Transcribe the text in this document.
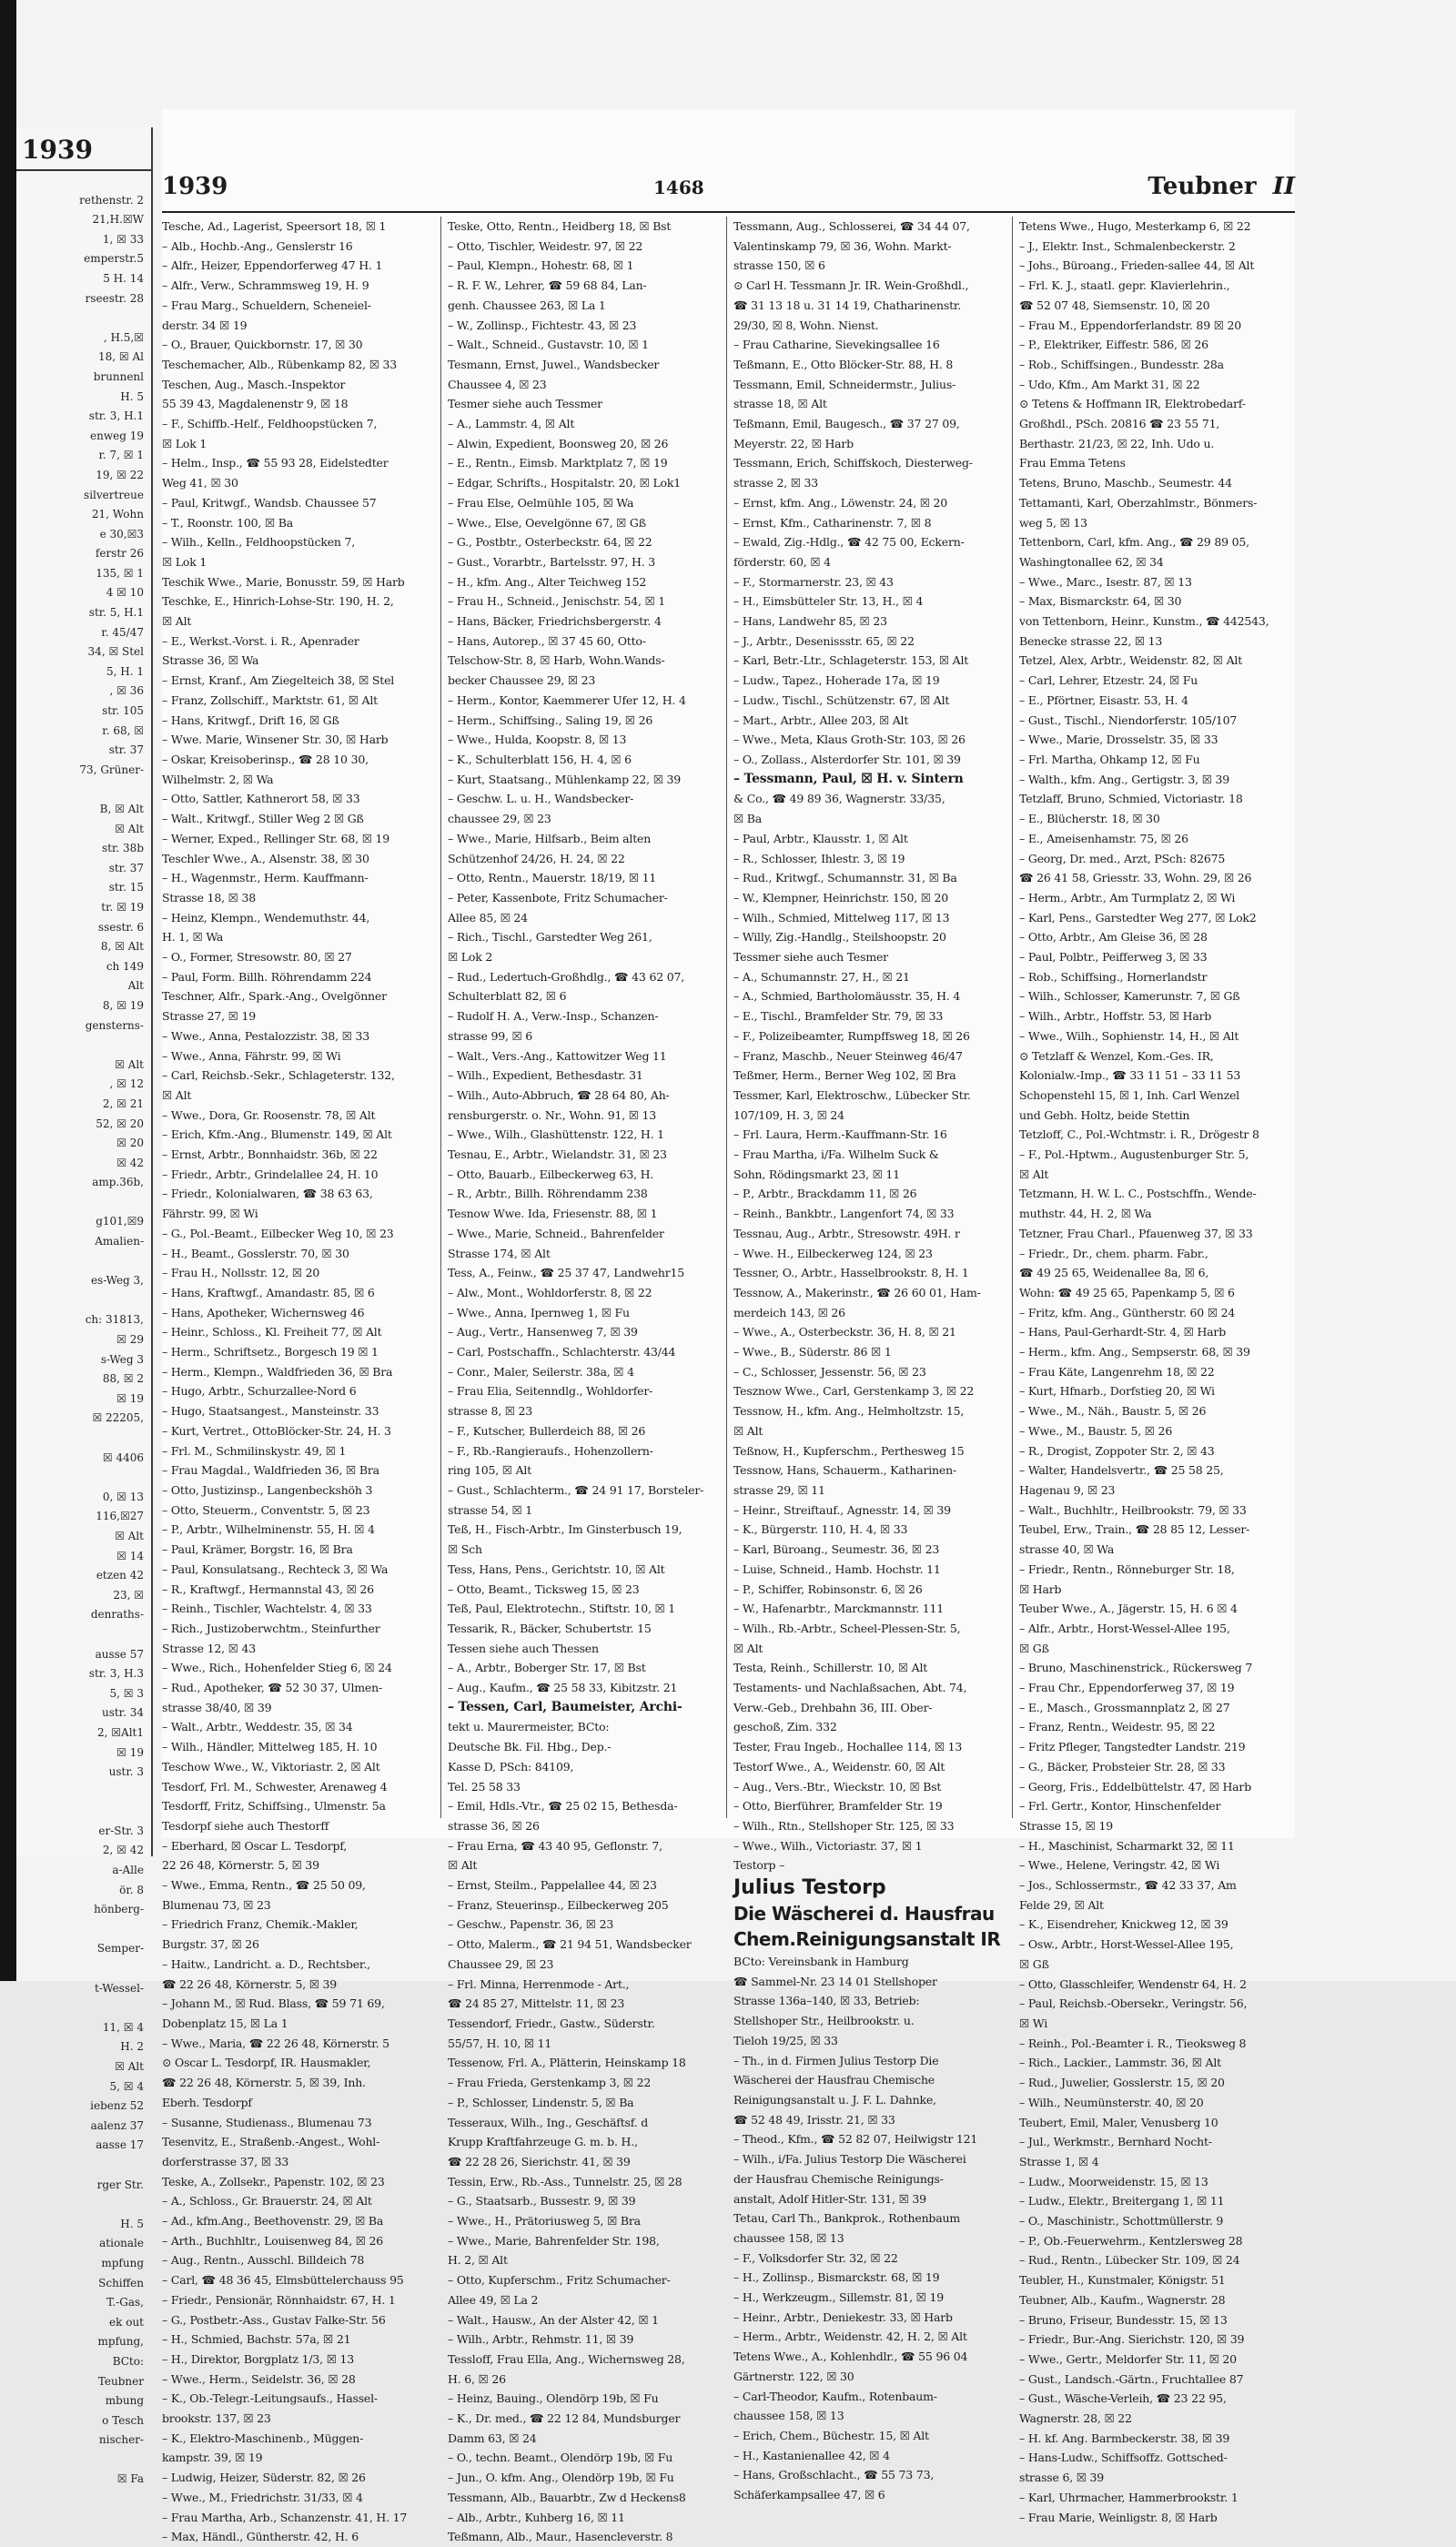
1939
rethenstr. 2
21,H.☒W
1, ☒ 33
emperstr.5
5 H. 14
rseestr. 28
, H.5,☒
18, ☒ Al
brunnenl
H. 5
str. 3, H.1
enweg 19
r. 7, ☒ 1
19, ☒ 22
silvertreue
21, Wohn
e 30,☒3
ferstr 26
135, ☒ 1
4 ☒ 10
str. 5, H.1
r. 45/47
34, ☒ Stel
5, H. 1
, ☒ 36
str. 105
r. 68, ☒
str. 37
73, Grüner-
B, ☒ Alt
☒ Alt
str. 38b
str. 37
str. 15
tr. ☒ 19
ssestr. 6
8, ☒ Alt
ch 149
Alt
8, ☒ 19
gensterns-
☒ Alt
, ☒ 12
2, ☒ 21
52, ☒ 20
☒ 20
☒ 42
amp.36b,
g101,☒9
Amalien-
es-Weg 3,
ch: 31813,
☒ 29
s-Weg 3
88, ☒ 2
☒ 19
☒ 22205,
☒ 4406
0, ☒ 13
116,☒27
☒ Alt
☒ 14
etzen 42
23, ☒
denraths-
ausse 57
str. 3, H.3
5, ☒ 3
ustr. 34
2, ☒Alt1
☒ 19
ustr. 3
er-Str. 3
2, ☒ 42
a-Alle
ör. 8
hönberg-
Semper-
t-Wessel-
11, ☒ 4
H. 2
☒ Alt
5, ☒ 4
iebenz 52
aalenz 37
aasse 17
rger Str.
H. 5
ationale
mpfung
Schiffen
T.-Gas,
ek out
mpfung,
BCto:
Teubner
mbung
o Tesch
nischer-
☒ Fa
1939	1468	Teubner II
Tesche, Ad., Lagerist, Speersort 18, ☒ 1
– Alb., Hochb.-Ang., Genslerstr 16
– Alfr., Heizer, Eppendorferweg 47 H. 1
– Alfr., Verw., Schrammsweg 19, H. 9
– Frau Marg., Schueldern, Scheneiel-
derstr. 34 ☒ 19
– O., Brauer, Quickbornstr. 17, ☒ 30
Teschemacher, Alb., Rübenkamp 82, ☒ 33
Teschen, Aug., Masch.-Inspektor
55 39 43, Magdalenenstr 9, ☒ 18
– F., Schiffb.-Helf., Feldhoopstücken 7,
☒ Lok 1
– Helm., Insp., ☎ 55 93 28, Eidelstedter
Weg 41, ☒ 30
– Paul, Kritwgf., Wandsb. Chaussee 57
– T., Roonstr. 100, ☒ Ba
– Wilh., Kelln., Feldhoopstücken 7,
☒ Lok 1
Teschik Wwe., Marie, Bonusstr. 59, ☒ Harb
Teschke, E., Hinrich-Lohse-Str. 190, H. 2,
☒ Alt
– E., Werkst.-Vorst. i. R., Apenrader
Strasse 36, ☒ Wa
– Ernst, Kranf., Am Ziegelteich 38, ☒ Stel
– Franz, Zollschiff., Marktstr. 61, ☒ Alt
– Hans, Kritwgf., Drift 16, ☒ Gß
– Wwe. Marie, Winsener Str. 30, ☒ Harb
– Oskar, Kreisoberinsp., ☎ 28 10 30,
Wilhelmstr. 2, ☒ Wa
– Otto, Sattler, Kathnerort 58, ☒ 33
– Walt., Kritwgf., Stiller Weg 2 ☒ Gß
– Werner, Exped., Rellinger Str. 68, ☒ 19
Teschler Wwe., A., Alsenstr. 38, ☒ 30
– H., Wagenmstr., Herm. Kauffmann-
Strasse 18, ☒ 38
– Heinz, Klempn., Wendemuthstr. 44,
H. 1, ☒ Wa
– O., Former, Stresowstr. 80, ☒ 27
– Paul, Form. Billh. Röhrendamm 224
Teschner, Alfr., Spark.-Ang., Ovelgönner
Strasse 27, ☒ 19
– Wwe., Anna, Pestalozzistr. 38, ☒ 33
– Wwe., Anna, Fährstr. 99, ☒ Wi
– Carl, Reichsb.-Sekr., Schlageterstr. 132,
☒ Alt
– Wwe., Dora, Gr. Roosenstr. 78, ☒ Alt
– Erich, Kfm.-Ang., Blumenstr. 149, ☒ Alt
– Ernst, Arbtr., Bonnhaidstr. 36b, ☒ 22
– Friedr., Arbtr., Grindelallee 24, H. 10
– Friedr., Kolonialwaren, ☎ 38 63 63,
Fährstr. 99, ☒ Wi
– G., Pol.-Beamt., Eilbecker Weg 10, ☒ 23
– H., Beamt., Gosslerstr. 70, ☒ 30
– Frau H., Nollsstr. 12, ☒ 20
– Hans, Kraftwgf., Amandastr. 85, ☒ 6
– Hans, Apotheker, Wichernsweg 46
– Heinr., Schloss., Kl. Freiheit 77, ☒ Alt
– Herm., Schriftsetz., Borgesch 19 ☒ 1
– Herm., Klempn., Waldfrieden 36, ☒ Bra
– Hugo, Arbtr., Schurzallee-Nord 6
– Hugo, Staatsangest., Mansteinstr. 33
– Kurt, Vertret., OttoBlöcker-Str. 24, H. 3
– Frl. M., Schmilinskystr. 49, ☒ 1
– Frau Magdal., Waldfrieden 36, ☒ Bra
– Otto, Justizinsp., Langenbeckshöh 3
– Otto, Steuerm., Conventstr. 5, ☒ 23
– P., Arbtr., Wilhelminenstr. 55, H. ☒ 4
– Paul, Krämer, Borgstr. 16, ☒ Bra
– Paul, Konsulatsang., Rechteck 3, ☒ Wa
– R., Kraftwgf., Hermannstal 43, ☒ 26
– Reinh., Tischler, Wachtelstr. 4, ☒ 33
– Rich., Justizoberwchtm., Steinfurther
Strasse 12, ☒ 43
– Wwe., Rich., Hohenfelder Stieg 6, ☒ 24
– Rud., Apotheker, ☎ 52 30 37, Ulmen-
strasse 38/40, ☒ 39
– Walt., Arbtr., Weddestr. 35, ☒ 34
– Wilh., Händler, Mittelweg 185, H. 10
Teschow Wwe., W., Viktoriastr. 2, ☒ Alt
Tesdorf, Frl. M., Schwester, Arenaweg 4
Tesdorff, Fritz, Schiffsing., Ulmenstr. 5a
Tesdorpf siehe auch Thestorff
– Eberhard, ☒ Oscar L. Tesdorpf,
22 26 48, Körnerstr. 5, ☒ 39
– Wwe., Emma, Rentn., ☎ 25 50 09,
Blumenau 73, ☒ 23
– Friedrich Franz, Chemik.-Makler,
Burgstr. 37, ☒ 26
– Haitw., Landricht. a. D., Rechtsber.,
☎ 22 26 48, Körnerstr. 5, ☒ 39
– Johann M., ☒ Rud. Blass, ☎ 59 71 69,
Dobenplatz 15, ☒ La 1
– Wwe., Maria, ☎ 22 26 48, Körnerstr. 5
⊙ Oscar L. Tesdorpf, IR. Hausmakler,
☎ 22 26 48, Körnerstr. 5, ☒ 39, Inh.
Eberh. Tesdorpf
– Susanne, Studienass., Blumenau 73
Tesenvitz, E., Straßenb.-Angest., Wohl-
dorferstrasse 37, ☒ 33
Teske, A., Zollsekr., Papenstr. 102, ☒ 23
– A., Schloss., Gr. Brauerstr. 24, ☒ Alt
– Ad., kfm.Ang., Beethovenstr. 29, ☒ Ba
– Arth., Buchhltr., Louisenweg 84, ☒ 26
– Aug., Rentn., Ausschl. Billdeich 78
– Carl, ☎ 48 36 45, Elmsbüttelerchauss 95
– Friedr., Pensionär, Rönnhaidstr. 67, H. 1
– G., Postbetr.-Ass., Gustav Falke-Str. 56
– H., Schmied, Bachstr. 57a, ☒ 21
– H., Direktor, Borgplatz 1/3, ☒ 13
– Wwe., Herm., Seidelstr. 36, ☒ 28
– K., Ob.-Telegr.-Leitungsaufs., Hassel-
brookstr. 137, ☒ 23
– K., Elektro-Maschinenb., Müggen-
kampstr. 39, ☒ 19
– Ludwig, Heizer, Süderstr. 82, ☒ 26
– Wwe., M., Friedrichstr. 31/33, ☒ 4
– Frau Martha, Arb., Schanzenstr. 41, H. 17
– Max, Händl., Güntherstr. 42, H. 6
Teske, Otto, Rentn., Heidberg 18, ☒ Bst
– Otto, Tischler, Weidestr. 97, ☒ 22
– Paul, Klempn., Hohestr. 68, ☒ 1
– R. F. W., Lehrer, ☎ 59 68 84, Lan-
genh. Chaussee 263, ☒ La 1
– W., Zollinsp., Fichtestr. 43, ☒ 23
– Walt., Schneid., Gustavstr. 10, ☒ 1
Tesmann, Ernst, Juwel., Wandsbecker
Chaussee 4, ☒ 23
Tesmer siehe auch Tessmer
– A., Lammstr. 4, ☒ Alt
– Alwin, Expedient, Boonsweg 20, ☒ 26
– E., Rentn., Eimsb. Marktplatz 7, ☒ 19
– Edgar, Schrifts., Hospitalstr. 20, ☒ Lok1
– Frau Else, Oelmühle 105, ☒ Wa
– Wwe., Else, Oevelgönne 67, ☒ Gß
– G., Postbtr., Osterbeckstr. 64, ☒ 22
– Gust., Vorarbtr., Bartelsstr. 97, H. 3
– H., kfm. Ang., Alter Teichweg 152
– Frau H., Schneid., Jenischstr. 54, ☒ 1
– Hans, Bäcker, Friedrichsbergerstr. 4
– Hans, Autorep., ☒ 37 45 60, Otto-
Telschow-Str. 8, ☒ Harb, Wohn.Wands-
becker Chaussee 29, ☒ 23
– Herm., Kontor, Kaemmerer Ufer 12, H. 4
– Herm., Schiffsing., Saling 19, ☒ 26
– Wwe., Hulda, Koopstr. 8, ☒ 13
– K., Schulterblatt 156, H. 4, ☒ 6
– Kurt, Staatsang., Mühlenkamp 22, ☒ 39
– Geschw. L. u. H., Wandsbecker-
chaussee 29, ☒ 23
– Wwe., Marie, Hilfsarb., Beim alten
Schützenhof 24/26, H. 24, ☒ 22
– Otto, Rentn., Mauerstr. 18/19, ☒ 11
– Peter, Kassenbote, Fritz Schumacher-
Allee 85, ☒ 24
– Rich., Tischl., Garstedter Weg 261,
☒ Lok 2
– Rud., Ledertuch-Großhdlg., ☎ 43 62 07,
Schulterblatt 82, ☒ 6
– Rudolf H. A., Verw.-Insp., Schanzen-
strasse 99, ☒ 6
– Walt., Vers.-Ang., Kattowitzer Weg 11
– Wilh., Expedient, Bethesdastr. 31
– Wilh., Auto-Abbruch, ☎ 28 64 80, Ah-
rensburgerstr. o. Nr., Wohn. 91, ☒ 13
– Wwe., Wilh., Glashüttenstr. 122, H. 1
Tesnau, E., Arbtr., Wielandstr. 31, ☒ 23
– Otto, Bauarb., Eilbeckerweg 63, H.
– R., Arbtr., Billh. Röhrendamm 238
Tesnow Wwe. Ida, Friesenstr. 88, ☒ 1
– Wwe., Marie, Schneid., Bahrenfelder
Strasse 174, ☒ Alt
Tess, A., Feinw., ☎ 25 37 47, Landwehr15
– Alw., Mont., Wohldorferstr. 8, ☒ 22
– Wwe., Anna, Ipernweg 1, ☒ Fu
– Aug., Vertr., Hansenweg 7, ☒ 39
– Carl, Postschaffn., Schlachterstr. 43/44
– Conr., Maler, Seilerstr. 38a, ☒ 4
– Frau Elia, Seitenndlg., Wohldorfer-
strasse 8, ☒ 23
– F., Kutscher, Bullerdeich 88, ☒ 26
– F., Rb.-Rangieraufs., Hohenzollern-
ring 105, ☒ Alt
– Gust., Schlachterm., ☎ 24 91 17, Borsteler-
strasse 54, ☒ 1
Teß, H., Fisch-Arbtr., Im Ginsterbusch 19,
☒ Sch
Tess, Hans, Pens., Gerichtstr. 10, ☒ Alt
– Otto, Beamt., Ticksweg 15, ☒ 23
Teß, Paul, Elektrotechn., Stiftstr. 10, ☒ 1
Tessarik, R., Bäcker, Schubertstr. 15
Tessen siehe auch Thessen
– A., Arbtr., Boberger Str. 17, ☒ Bst
– Aug., Kaufm., ☎ 25 58 33, Kibitzstr. 21
– Tessen, Carl, Baumeister, Archi-
tekt u. Maurermeister, BCto:
Deutsche Bk. Fil. Hbg., Dep.-
Kasse D, PSch: 84109,
Tel. 25 58 33
– Emil, Hdls.-Vtr., ☎ 25 02 15, Bethesda-
strasse 36, ☒ 26
– Frau Erna, ☎ 43 40 95, Geflonstr. 7,
☒ Alt
– Ernst, Steilm., Pappelallee 44, ☒ 23
– Franz, Steuerinsp., Eilbeckerweg 205
– Geschw., Papenstr. 36, ☒ 23
– Otto, Malerm., ☎ 21 94 51, Wandsbecker
Chaussee 29, ☒ 23
– Frl. Minna, Herrenmode - Art.,
☎ 24 85 27, Mittelstr. 11, ☒ 23
Tessendorf, Friedr., Gastw., Süderstr.
55/57, H. 10, ☒ 11
Tessenow, Frl. A., Plätterin, Heinskamp 18
– Frau Frieda, Gerstenkamp 3, ☒ 22
– P., Schlosser, Lindenstr. 5, ☒ Ba
Tesseraux, Wilh., Ing., Geschäftsf. d
Krupp Kraftfahrzeuge G. m. b. H.,
☎ 22 28 26, Sierichstr. 41, ☒ 39
Tessin, Erw., Rb.-Ass., Tunnelstr. 25, ☒ 28
– G., Staatsarb., Bussestr. 9, ☒ 39
– Wwe., H., Prätoriusweg 5, ☒ Bra
– Wwe., Marie, Bahrenfelder Str. 198,
H. 2, ☒ Alt
– Otto, Kupferschm., Fritz Schumacher-
Allee 49, ☒ La 2
– Walt., Hausw., An der Alster 42, ☒ 1
– Wilh., Arbtr., Rehmstr. 11, ☒ 39
Tessloff, Frau Ella, Ang., Wichernsweg 28,
H. 6, ☒ 26
– Heinz, Bauing., Olendörp 19b, ☒ Fu
– K., Dr. med., ☎ 22 12 84, Mundsburger
Damm 63, ☒ 24
– O., techn. Beamt., Olendörp 19b, ☒ Fu
– Jun., O. kfm. Ang., Olendörp 19b, ☒ Fu
Tessmann, Alb., Bauarbtr., Zw d Heckens8
– Alb., Arbtr., Kuhberg 16, ☒ 11
Teßmann, Alb., Maur., Hasencleverstr. 8
Tessmann, Aug., Schlosserei, ☎ 34 44 07,
Valentinskamp 79, ☒ 36, Wohn. Markt-
strasse 150, ☒ 6
⊙ Carl H. Tessmann Jr. IR. Wein-Großhdl.,
☎ 31 13 18 u. 31 14 19, Chatharinenstr.
29/30, ☒ 8, Wohn. Nienst.
– Frau Catharine, Sievekingsallee 16
Teßmann, E., Otto Blöcker-Str. 88, H. 8
Tessmann, Emil, Schneidermstr., Julius-
strasse 18, ☒ Alt
Teßmann, Emil, Baugesch., ☎ 37 27 09,
Meyerstr. 22, ☒ Harb
Tessmann, Erich, Schiffskoch, Diesterweg-
strasse 2, ☒ 33
– Ernst, kfm. Ang., Löwenstr. 24, ☒ 20
– Ernst, Kfm., Catharinenstr. 7, ☒ 8
– Ewald, Zig.-Hdlg., ☎ 42 75 00, Eckern-
förderstr. 60, ☒ 4
– F., Stormarnerstr. 23, ☒ 43
– H., Eimsbütteler Str. 13, H., ☒ 4
– Hans, Landwehr 85, ☒ 23
– J., Arbtr., Desenissstr. 65, ☒ 22
– Karl, Betr.-Ltr., Schlageterstr. 153, ☒ Alt
– Ludw., Tapez., Hoherade 17a, ☒ 19
– Ludw., Tischl., Schützenstr. 67, ☒ Alt
– Mart., Arbtr., Allee 203, ☒ Alt
– Wwe., Meta, Klaus Groth-Str. 103, ☒ 26
– O., Zollass., Alsterdorfer Str. 101, ☒ 39
– Tessmann, Paul, ☒ H. v. Sintern
& Co., ☎ 49 89 36, Wagnerstr. 33/35,
☒ Ba
– Paul, Arbtr., Klausstr. 1, ☒ Alt
– R., Schlosser, Ihlestr. 3, ☒ 19
– Rud., Kritwgf., Schumannstr. 31, ☒ Ba
– W., Klempner, Heinrichstr. 150, ☒ 20
– Wilh., Schmied, Mittelweg 117, ☒ 13
– Willy, Zig.-Handlg., Steilshoopstr. 20
Tessmer siehe auch Tesmer
– A., Schumannstr. 27, H., ☒ 21
– A., Schmied, Bartholomäusstr. 35, H. 4
– E., Tischl., Bramfelder Str. 79, ☒ 33
– F., Polizeibeamter, Rumpffsweg 18, ☒ 26
– Franz, Maschb., Neuer Steinweg 46/47
Teßmer, Herm., Berner Weg 102, ☒ Bra
Tessmer, Karl, Elektroschw., Lübecker Str.
107/109, H. 3, ☒ 24
– Frl. Laura, Herm.-Kauffmann-Str. 16
– Frau Martha, i/Fa. Wilhelm Suck &
Sohn, Rödingsmarkt 23, ☒ 11
– P., Arbtr., Brackdamm 11, ☒ 26
– Reinh., Bankbtr., Langenfort 74, ☒ 33
Tessnau, Aug., Arbtr., Stresowstr. 49H. r
– Wwe. H., Eilbeckerweg 124, ☒ 23
Tessner, O., Arbtr., Hasselbrookstr. 8, H. 1
Tessnow, A., Makerinstr., ☎ 26 60 01, Ham-
merdeich 143, ☒ 26
– Wwe., A., Osterbeckstr. 36, H. 8, ☒ 21
– Wwe., B., Süderstr. 86 ☒ 1
– C., Schlosser, Jessenstr. 56, ☒ 23
Tesznow Wwe., Carl, Gerstenkamp 3, ☒ 22
Tessnow, H., kfm. Ang., Helmholtzstr. 15,
☒ Alt
Teßnow, H., Kupferschm., Perthesweg 15
Tessnow, Hans, Schauerm., Katharinen-
strasse 29, ☒ 11
– Heinr., Streiftauf., Agnesstr. 14, ☒ 39
– K., Bürgerstr. 110, H. 4, ☒ 33
– Karl, Büroang., Seumestr. 36, ☒ 23
– Luise, Schneid., Hamb. Hochstr. 11
– P., Schiffer, Robinsonstr. 6, ☒ 26
– W., Hafenarbtr., Marckmannstr. 111
– Wilh., Rb.-Arbtr., Scheel-Plessen-Str. 5,
☒ Alt
Testa, Reinh., Schillerstr. 10, ☒ Alt
Testaments- und Nachlaßsachen, Abt. 74,
Verw.-Geb., Drehbahn 36, III. Ober-
geschoß, Zim. 332
Tester, Frau Ingeb., Hochallee 114, ☒ 13
Testorf Wwe., A., Weidenstr. 60, ☒ Alt
– Aug., Vers.-Btr., Wieckstr. 10, ☒ Bst
– Otto, Bierführer, Bramfelder Str. 19
– Wilh., Rtn., Stellshoper Str. 125, ☒ 33
– Wwe., Wilh., Victoriastr. 37, ☒ 1
Testorp –
Julius Testorp
Die Wäscherei d. Hausfrau
Chem.Reinigungsanstalt IR
BCto: Vereinsbank in Hamburg
☎ Sammel-Nr. 23 14 01 Stellshoper
Strasse 136a–140, ☒ 33, Betrieb:
Stellshoper Str., Heilbrookstr. u.
Tieloh 19/25, ☒ 33
– Th., in d. Firmen Julius Testorp Die
Wäscherei der Hausfrau Chemische
Reinigungsanstalt u. J. F. L. Dahnke,
☎ 52 48 49, Irisstr. 21, ☒ 33
– Theod., Kfm., ☎ 52 82 07, Heilwigstr 121
– Wilh., i/Fa. Julius Testorp Die Wäscherei
der Hausfrau Chemische Reinigungs-
anstalt, Adolf Hitler-Str. 131, ☒ 39
Tetau, Carl Th., Bankprok., Rothenbaum
chaussee 158, ☒ 13
– F., Volksdorfer Str. 32, ☒ 22
– H., Zollinsp., Bismarckstr. 68, ☒ 19
– H., Werkzeugm., Sillemstr. 81, ☒ 19
– Heinr., Arbtr., Deniekestr. 33, ☒ Harb
– Herm., Arbtr., Weidenstr. 42, H. 2, ☒ Alt
Tetens Wwe., A., Kohlenhdlr., ☎ 55 96 04
Gärtnerstr. 122, ☒ 30
– Carl-Theodor, Kaufm., Rotenbaum-
chaussee 158, ☒ 13
– Erich, Chem., Büchestr. 15, ☒ Alt
– H., Kastanienallee 42, ☒ 4
– Hans, Großschlacht., ☎ 55 73 73,
Schäferkampsallee 47, ☒ 6
Tetens Wwe., Hugo, Mesterkamp 6, ☒ 22
– J., Elektr. Inst., Schmalenbeckerstr. 2
– Johs., Büroang., Frieden-sallee 44, ☒ Alt
– Frl. K. J., staatl. gepr. Klavierlehrin.,
☎ 52 07 48, Siemsenstr. 10, ☒ 20
– Frau M., Eppendorferlandstr. 89 ☒ 20
– P., Elektriker, Eiffestr. 586, ☒ 26
– Rob., Schiffsingen., Bundesstr. 28a
– Udo, Kfm., Am Markt 31, ☒ 22
⊙ Tetens & Hoffmann IR, Elektrobedarf-
Großhdl., PSch. 20816 ☎ 23 55 71,
Berthastr. 21/23, ☒ 22, Inh. Udo u.
Frau Emma Tetens
Tetens, Bruno, Maschb., Seumestr. 44
Tettamanti, Karl, Oberzahlmstr., Bönmers-
weg 5, ☒ 13
Tettenborn, Carl, kfm. Ang., ☎ 29 89 05,
Washingtonallee 62, ☒ 34
– Wwe., Marc., Isestr. 87, ☒ 13
– Max, Bismarckstr. 64, ☒ 30
von Tettenborn, Heinr., Kunstm., ☎ 442543,
Benecke strasse 22, ☒ 13
Tetzel, Alex, Arbtr., Weidenstr. 82, ☒ Alt
– Carl, Lehrer, Etzestr. 24, ☒ Fu
– E., Pförtner, Eisastr. 53, H. 4
– Gust., Tischl., Niendorferstr. 105/107
– Wwe., Marie, Drosselstr. 35, ☒ 33
– Frl. Martha, Ohkamp 12, ☒ Fu
– Walth., kfm. Ang., Gertigstr. 3, ☒ 39
Tetzlaff, Bruno, Schmied, Victoriastr. 18
– E., Blücherstr. 18, ☒ 30
– E., Ameisenhamstr. 75, ☒ 26
– Georg, Dr. med., Arzt, PSch: 82675
☎ 26 41 58, Griesstr. 33, Wohn. 29, ☒ 26
– Herm., Arbtr., Am Turmplatz 2, ☒ Wi
– Karl, Pens., Garstedter Weg 277, ☒ Lok2
– Otto, Arbtr., Am Gleise 36, ☒ 28
– Paul, Polbtr., Peifferweg 3, ☒ 33
– Rob., Schiffsing., Hornerlandstr
– Wilh., Schlosser, Kamerunstr. 7, ☒ Gß
– Wilh., Arbtr., Hoffstr. 53, ☒ Harb
– Wwe., Wilh., Sophienstr. 14, H., ☒ Alt
⊙ Tetzlaff & Wenzel, Kom.-Ges. IR,
Kolonialw.-Imp., ☎ 33 11 51 – 33 11 53
Schopenstehl 15, ☒ 1, Inh. Carl Wenzel
und Gebh. Holtz, beide Stettin
Tetzloff, C., Pol.-Wchtmstr. i. R., Drögestr 8
– F., Pol.-Hptwm., Augustenburger Str. 5,
☒ Alt
Tetzmann, H. W. L. C., Postschffn., Wende-
muthstr. 44, H. 2, ☒ Wa
Tetzner, Frau Charl., Pfauenweg 37, ☒ 33
– Friedr., Dr., chem. pharm. Fabr.,
☎ 49 25 65, Weidenallee 8a, ☒ 6,
Wohn: ☎ 49 25 65, Papenkamp 5, ☒ 6
– Fritz, kfm. Ang., Güntherstr. 60 ☒ 24
– Hans, Paul-Gerhardt-Str. 4, ☒ Harb
– Herm., kfm. Ang., Sempserstr. 68, ☒ 39
– Frau Käte, Langenrehm 18, ☒ 22
– Kurt, Hfnarb., Dorfstieg 20, ☒ Wi
– Wwe., M., Näh., Baustr. 5, ☒ 26
– Wwe., M., Baustr. 5, ☒ 26
– R., Drogist, Zoppoter Str. 2, ☒ 43
– Walter, Handelsvertr., ☎ 25 58 25,
Hagenau 9, ☒ 23
– Walt., Buchhltr., Heilbrookstr. 79, ☒ 33
Teubel, Erw., Train., ☎ 28 85 12, Lesser-
strasse 40, ☒ Wa
– Friedr., Rentn., Rönneburger Str. 18,
☒ Harb
Teuber Wwe., A., Jägerstr. 15, H. 6 ☒ 4
– Alfr., Arbtr., Horst-Wessel-Allee 195,
☒ Gß
– Bruno, Maschinenstrick., Rückersweg 7
– Frau Chr., Eppendorferweg 37, ☒ 19
– E., Masch., Grossmannplatz 2, ☒ 27
– Franz, Rentn., Weidestr. 95, ☒ 22
– Fritz Pfleger, Tangstedter Landstr. 219
– G., Bäcker, Probsteier Str. 28, ☒ 33
– Georg, Fris., Eddelbüttelstr. 47, ☒ Harb
– Frl. Gertr., Kontor, Hinschenfelder
Strasse 15, ☒ 19
– H., Maschinist, Scharmarkt 32, ☒ 11
– Wwe., Helene, Veringstr. 42, ☒ Wi
– Jos., Schlossermstr., ☎ 42 33 37, Am
Felde 29, ☒ Alt
– K., Eisendreher, Knickweg 12, ☒ 39
– Osw., Arbtr., Horst-Wessel-Allee 195,
☒ Gß
– Otto, Glasschleifer, Wendenstr 64, H. 2
– Paul, Reichsb.-Obersekr., Veringstr. 56,
☒ Wi
– Reinh., Pol.-Beamter i. R., Tieoksweg 8
– Rich., Lackier., Lammstr. 36, ☒ Alt
– Rud., Juwelier, Gosslerstr. 15, ☒ 20
– Wilh., Neumünsterstr. 40, ☒ 20
Teubert, Emil, Maler, Venusberg 10
– Jul., Werkmstr., Bernhard Nocht-
Strasse 1, ☒ 4
– Ludw., Moorweidenstr. 15, ☒ 13
– Ludw., Elektr., Breitergang 1, ☒ 11
– O., Maschinistr., Schottmüllerstr. 9
– P., Ob.-Feuerwehrm., Kentzlersweg 28
– Rud., Rentn., Lübecker Str. 109, ☒ 24
Teubler, H., Kunstmaler, Königstr. 51
Teubner, Alb., Kaufm., Wagnerstr. 28
– Bruno, Friseur, Bundesstr. 15, ☒ 13
– Friedr., Bur.-Ang. Sierichstr. 120, ☒ 39
– Wwe., Gertr., Meldorfer Str. 11, ☒ 20
– Gust., Landsch.-Gärtn., Fruchtallee 87
– Gust., Wäsche-Verleih, ☎ 23 22 95,
Wagnerstr. 28, ☒ 22
– H. kf. Ang. Barmbeckerstr. 38, ☒ 39
– Hans-Ludw., Schiffsoffz. Gottsched-
strasse 6, ☒ 39
– Karl, Uhrmacher, Hammerbrookstr. 1
– Frau Marie, Weinligstr. 8, ☒ Harb
